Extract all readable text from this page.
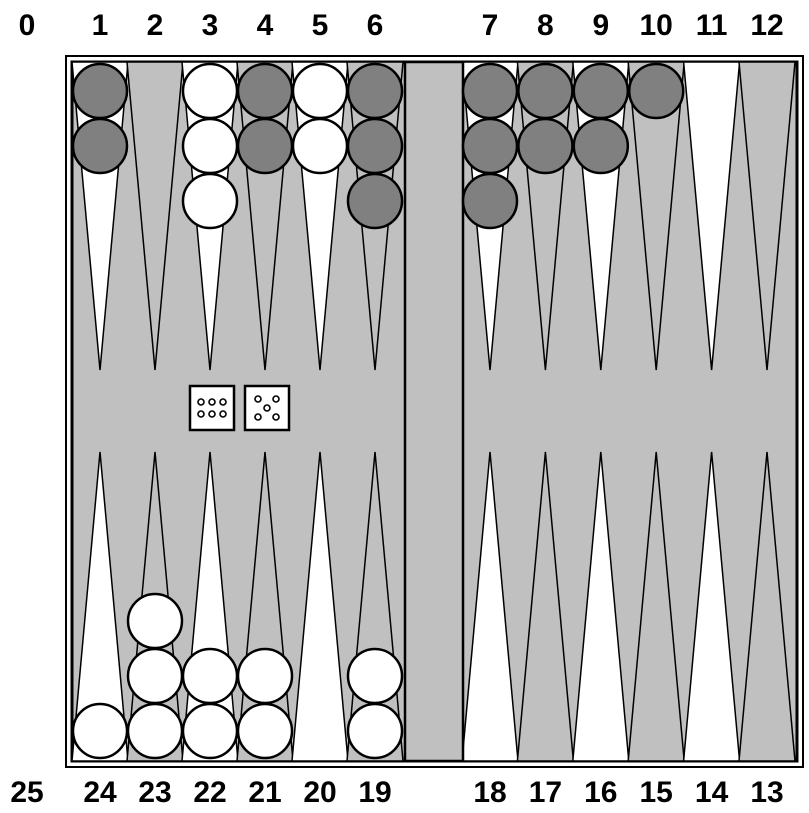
0
25
1
24
2
23
3
22
4
21
5
20
6
19
7
18
8
17
9
16
10
15
11
14
12
13
